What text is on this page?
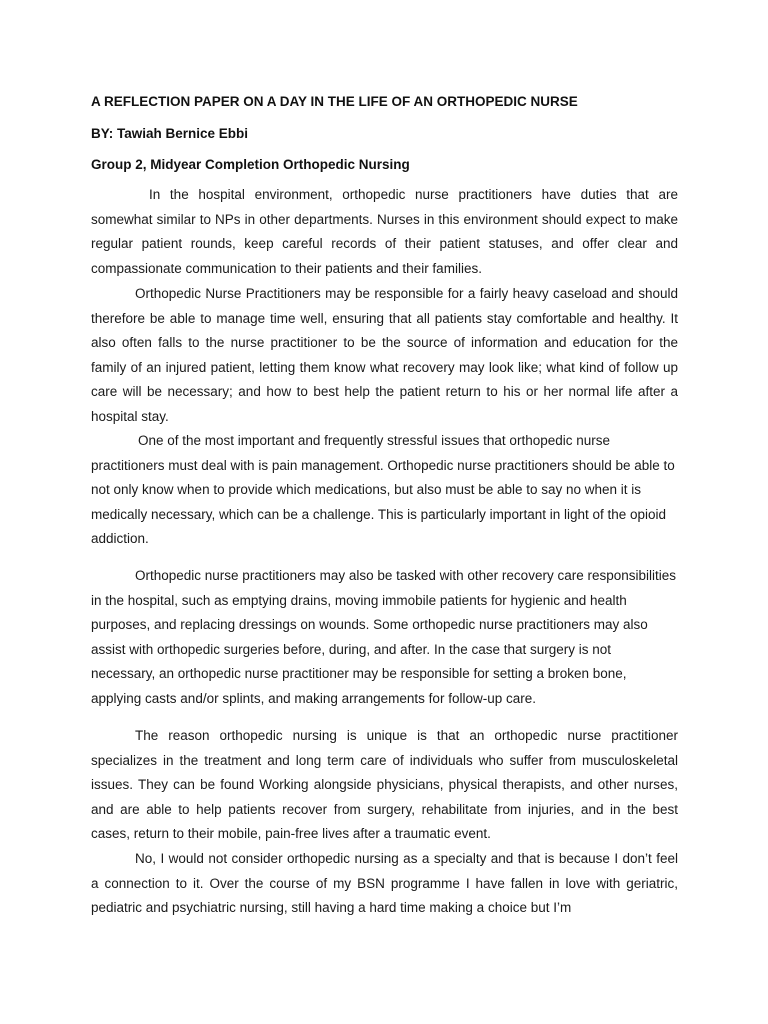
A REFLECTION PAPER ON A DAY IN THE LIFE OF AN ORTHOPEDIC NURSE
BY: Tawiah Bernice Ebbi
Group 2, Midyear Completion Orthopedic Nursing

In the hospital environment, orthopedic nurse practitioners have duties that are somewhat similar to NPs in other departments. Nurses in this environment should expect to make regular patient rounds, keep careful records of their patient statuses, and offer clear and compassionate communication to their patients and their families.

Orthopedic Nurse Practitioners may be responsible for a fairly heavy caseload and should therefore be able to manage time well, ensuring that all patients stay comfortable and healthy. It also often falls to the nurse practitioner to be the source of information and education for the family of an injured patient, letting them know what recovery may look like; what kind of follow up care will be necessary; and how to best help the patient return to his or her normal life after a hospital stay.

One of the most important and frequently stressful issues that orthopedic nurse practitioners must deal with is pain management. Orthopedic nurse practitioners should be able to not only know when to provide which medications, but also must be able to say no when it is medically necessary, which can be a challenge. This is particularly important in light of the opioid addiction.

Orthopedic nurse practitioners may also be tasked with other recovery care responsibilities in the hospital, such as emptying drains, moving immobile patients for hygienic and health purposes, and replacing dressings on wounds. Some orthopedic nurse practitioners may also assist with orthopedic surgeries before, during, and after. In the case that surgery is not necessary, an orthopedic nurse practitioner may be responsible for setting a broken bone, applying casts and/or splints, and making arrangements for follow-up care.

The reason orthopedic nursing is unique is that an orthopedic nurse practitioner specializes in the treatment and long term care of individuals who suffer from musculoskeletal issues. They can be found Working alongside physicians, physical therapists, and other nurses, and are able to help patients recover from surgery, rehabilitate from injuries, and in the best cases, return to their mobile, pain-free lives after a traumatic event.

No, I would not consider orthopedic nursing as a specialty and that is because I don’t feel a connection to it. Over the course of my BSN programme I have fallen in love with geriatric, pediatric and psychiatric nursing, still having a hard time making a choice but I’m
